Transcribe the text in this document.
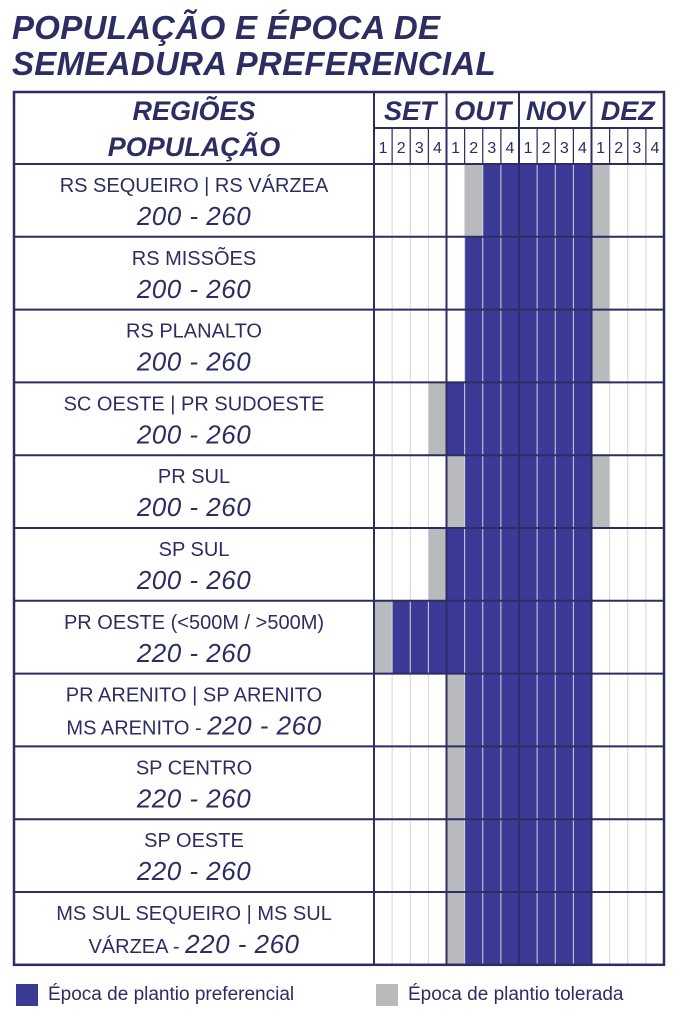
POPULAÇÃO E ÉPOCA DE
SEMEADURA PREFERENCIAL
REGIÕES
POPULAÇÃO
SET
1 2 3 4
OUT
1 2 3 4
NOV
1 2 3 4
DEZ
1 2 3 4
RS SEQUEIRO | RS VÁRZEA
200 - 260
RS MISSÕES
200 - 260
RS PLANALTO
200 - 260
SC OESTE | PR SUDOESTE
200 - 260
PR SUL
200 - 260
SP SUL
200 - 260
PR OESTE (<500M / >500M)
220 - 260
PR ARENITO | SP ARENITO
MS ARENITO - 220 - 260
SP CENTRO
220 - 260
SP OESTE
220 - 260
MS SUL SEQUEIRO | MS SUL
VÁRZEA - 220 - 260
Época de plantio preferencial	Época de plantio tolerada
